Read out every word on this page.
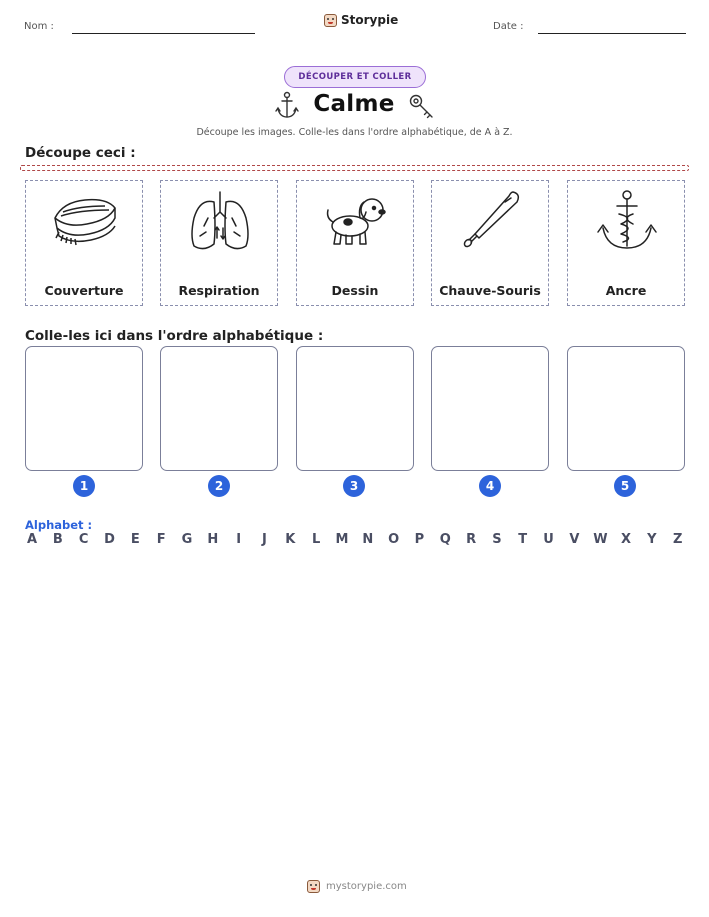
Nom :	Storypie	Date :
DÉCOUPER ET COLLER
Calme
Découpe les images. Colle-les dans l'ordre alphabétique, de A à Z.
Découpe ceci :
Couverture	Respiration	Dessin	Chauve-Souris	Ancre
Colle-les ici dans l'ordre alphabétique :
1	2	3	4	5
Alphabet :
A B C D E F G H	I	J	K L M N O P Q R S T U V W X Y Z
mystorypie.com
